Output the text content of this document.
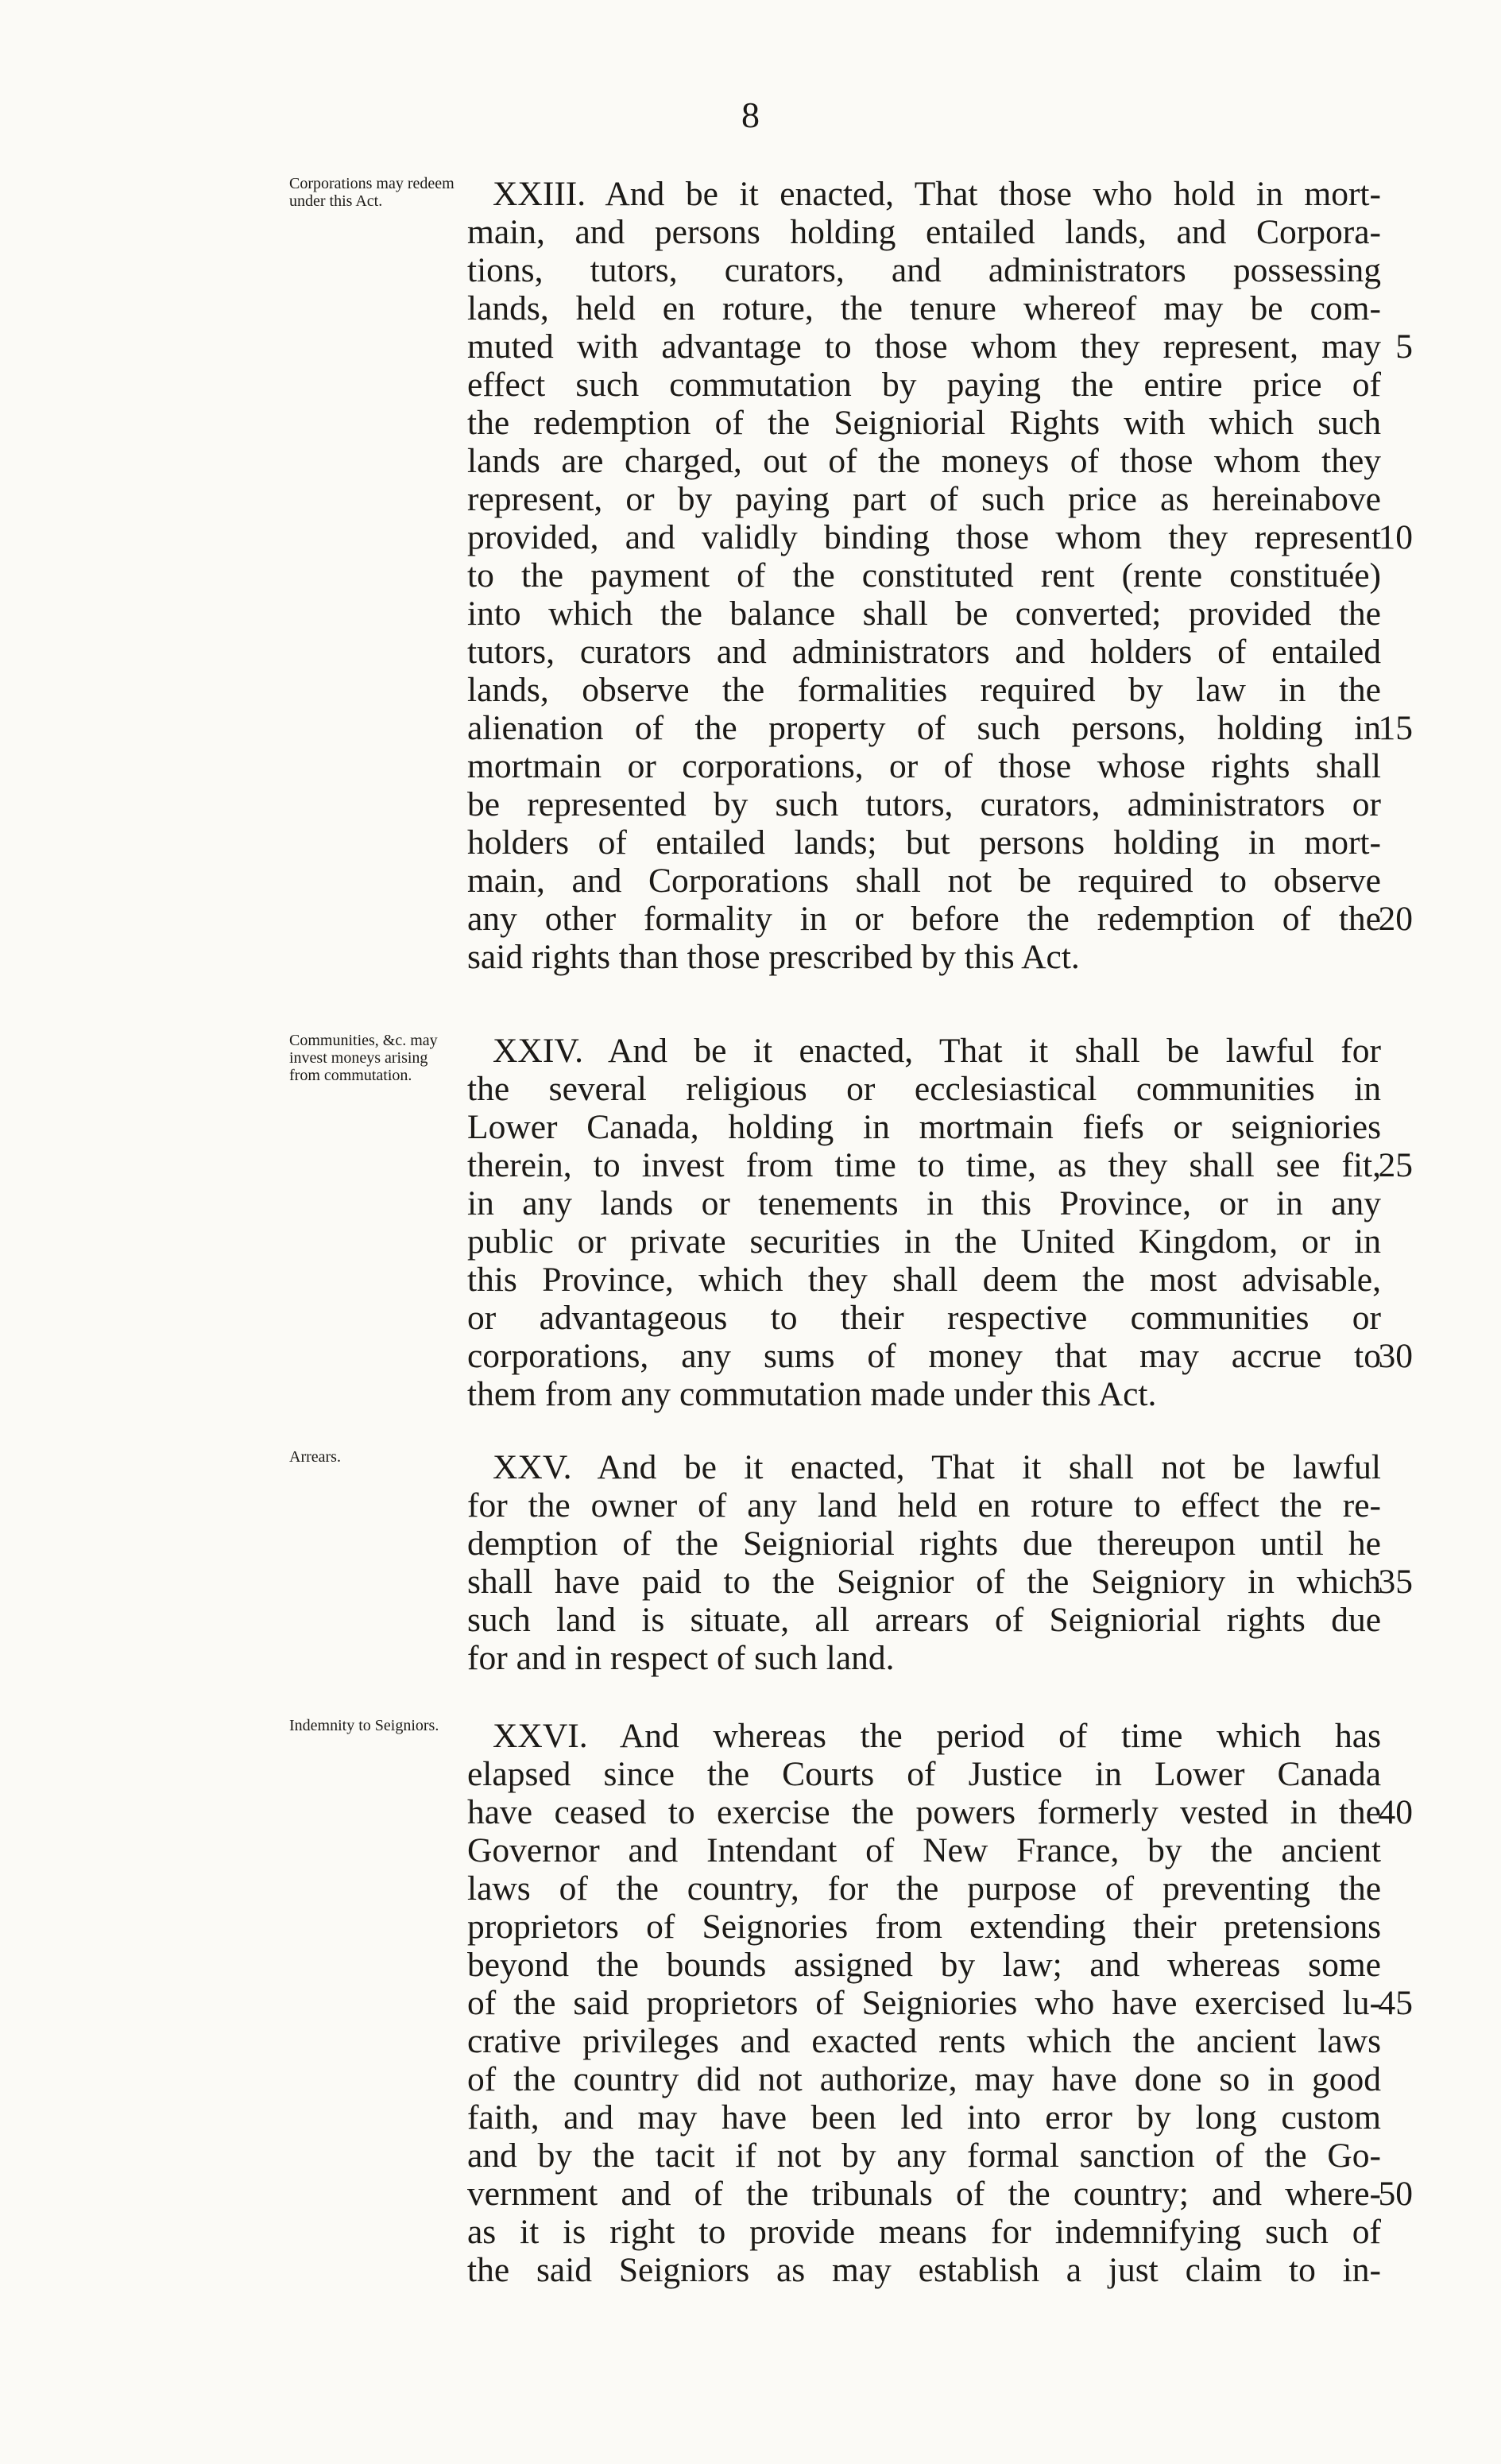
8
Corporations may redeem under this Act.	XXIII. And be it enacted, That those who hold in mort-
main, and persons holding entailed lands, and Corpora-
tions, tutors, curators, and administrators possessing
lands, held en roture, the tenure whereof may be com-
muted with advantage to those whom they represent, may
effect such commutation by paying the entire price of
the redemption of the Seigniorial Rights with which such
lands are charged, out of the moneys of those whom they
represent, or by paying part of such price as hereinabove
provided, and validly binding those whom they represent
to the payment of the constituted rent (rente constituée)
into which the balance shall be converted; provided the
tutors, curators and administrators and holders of entailed
lands, observe the formalities required by law in the
alienation of the property of such persons, holding in
mortmain or corporations, or of those whose rights shall
be represented by such tutors, curators, administrators or
holders of entailed lands; but persons holding in mort-
main, and Corporations shall not be required to observe
any other formality in or before the redemption of the
said rights than those prescribed by this Act.
Communities, &c. may invest moneys arising from commutation.
XXIV. And be it enacted, That it shall be lawful for
the several religious or ecclesiastical communities in
Lower Canada, holding in mortmain fiefs or seigniories
therein, to invest from time to time, as they shall see fit,
in any lands or tenements in this Province, or in any
public or private securities in the United Kingdom, or in
this Province, which they shall deem the most advisable,
or advantageous to their respective communities or
corporations, any sums of money that may accrue to
them from any commutation made under this Act.
Arrears.	XXV. And be it enacted, That it shall not be lawful
for the owner of any land held en roture to effect the re-
demption of the Seigniorial rights due thereupon until he
shall have paid to the Seignior of the Seigniory in which
such land is situate, all arrears of Seigniorial rights due
for and in respect of such land.
Indemnity to Seigniors.	XXVI. And whereas the period of time which has
elapsed since the Courts of Justice in Lower Canada
have ceased to exercise the powers formerly vested in the
Governor and Intendant of New France, by the ancient
laws of the country, for the purpose of preventing the
proprietors of Seignories from extending their pretensions
beyond the bounds assigned by law; and whereas some
of the said proprietors of Seigniories who have exercised lu-
crative privileges and exacted rents which the ancient laws
of the country did not authorize, may have done so in good
faith, and may have been led into error by long custom
and by the tacit if not by any formal sanction of the Go-
vernment and of the tribunals of the country; and where-
as it is right to provide means for indemnifying such of
the said Seigniors as may establish a just claim to in-
5
10
15
20
25
30
35
40
45
50
